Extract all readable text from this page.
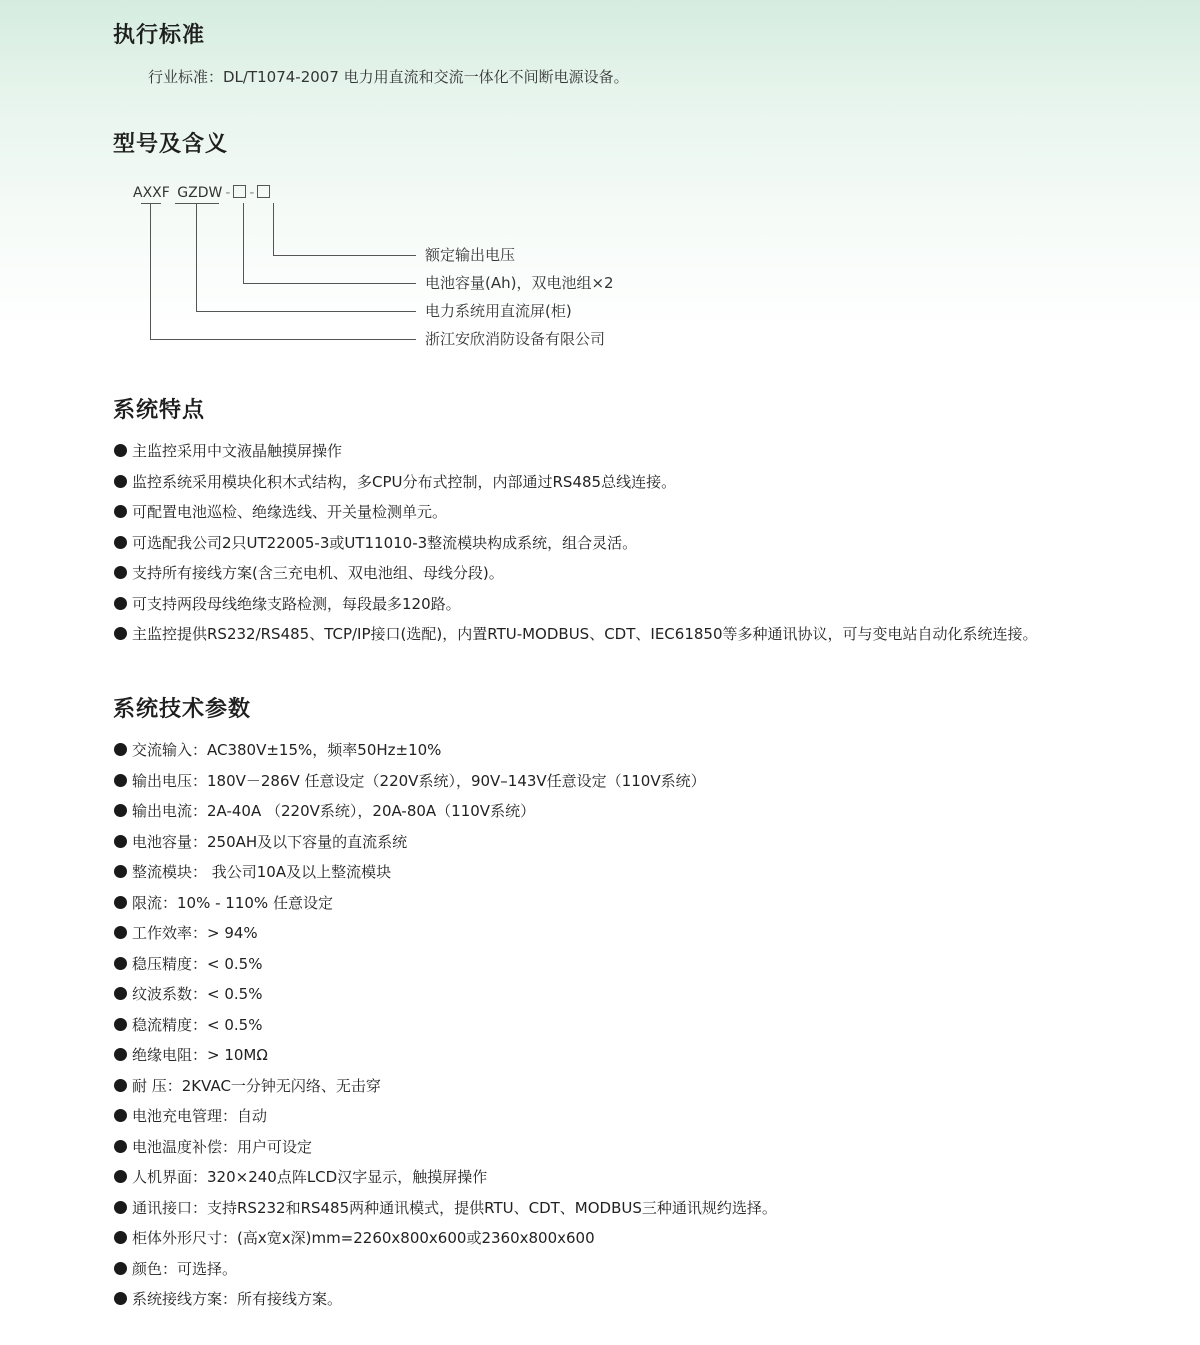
执行标准
行业标准：DL/T1074-2007 电力用直流和交流一体化不间断电源设备。
型号及含义
AXXF GZDW - -
额定输出电压
电池容量(Ah)，双电池组×2
电力系统用直流屏(柜)
浙江安欣消防设备有限公司
系统特点
主监控采用中文液晶触摸屏操作
监控系统采用模块化积木式结构，多CPU分布式控制，内部通过RS485总线连接。
可配置电池巡检、绝缘选线、开关量检测单元。
可选配我公司2只UT22005-3或UT11010-3整流模块构成系统，组合灵活。
支持所有接线方案(含三充电机、双电池组、母线分段)。
可支持两段母线绝缘支路检测，每段最多120路。
主监控提供RS232/RS485、TCP/IP接口(选配)，内置RTU-MODBUS、CDT、IEC61850等多种通讯协议，可与变电站自动化系统连接。
系统技术参数
交流输入：AC380V±15%，频率50Hz±10%
输出电压：180V－286V 任意设定（220V系统），90V–143V任意设定（110V系统）
输出电流：2A-40A （220V系统），20A-80A（110V系统）
电池容量：250AH及以下容量的直流系统
整流模块： 我公司10A及以上整流模块
限流：10% - 110% 任意设定
工作效率：> 94%
稳压精度：< 0.5%
纹波系数：< 0.5%
稳流精度：< 0.5%
绝缘电阻：> 10MΩ
耐 压：2KVAC一分钟无闪络、无击穿
电池充电管理：自动
电池温度补偿：用户可设定
人机界面：320×240点阵LCD汉字显示，触摸屏操作
通讯接口：支持RS232和RS485两种通讯模式，提供RTU、CDT、MODBUS三种通讯规约选择。
柜体外形尺寸：(高x宽x深)mm=2260x800x600或2360x800x600
颜色：可选择。
系统接线方案：所有接线方案。
